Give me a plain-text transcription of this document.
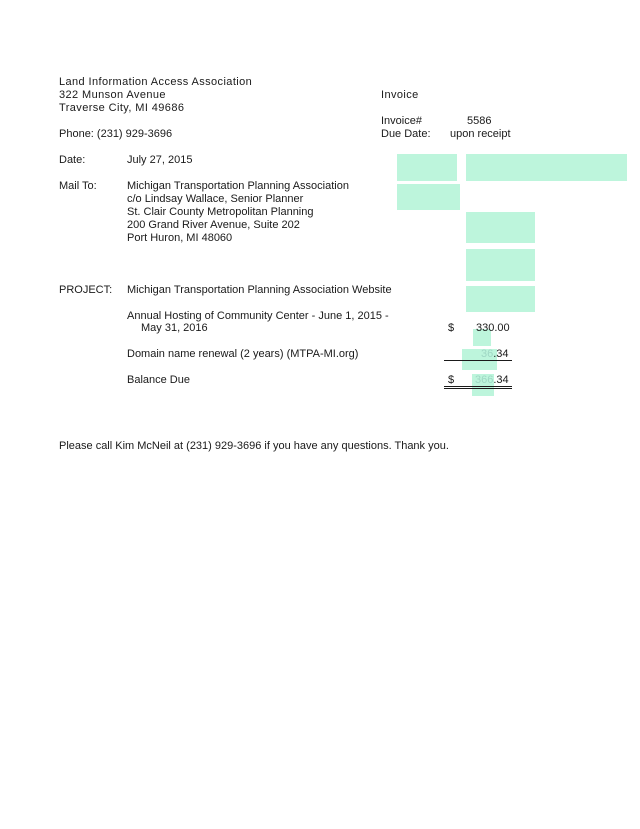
Land Information Access Association
322 Munson Avenue
Traverse City, MI 49686
Phone: (231) 929-3696
Invoice
Invoice#	5586
Due Date: upon receipt
Date:	July 27, 2015
Mail To:	Michigan Transportation Planning Association
c/o Lindsay Wallace, Senior Planner
St. Clair County Metropolitan Planning
200 Grand River Avenue, Suite 202
Port Huron, MI 48060
PROJECT: Michigan Transportation Planning Association Website
Annual Hosting of Community Center - June 1, 2015 -
May 31, 2016	$ 330.00
Domain name renewal (2 years) (MTPA-MI.org)	36.34
Balance Due	$ 366.34
Please call Kim McNeil at (231) 929-3696 if you have any questions. Thank you.
